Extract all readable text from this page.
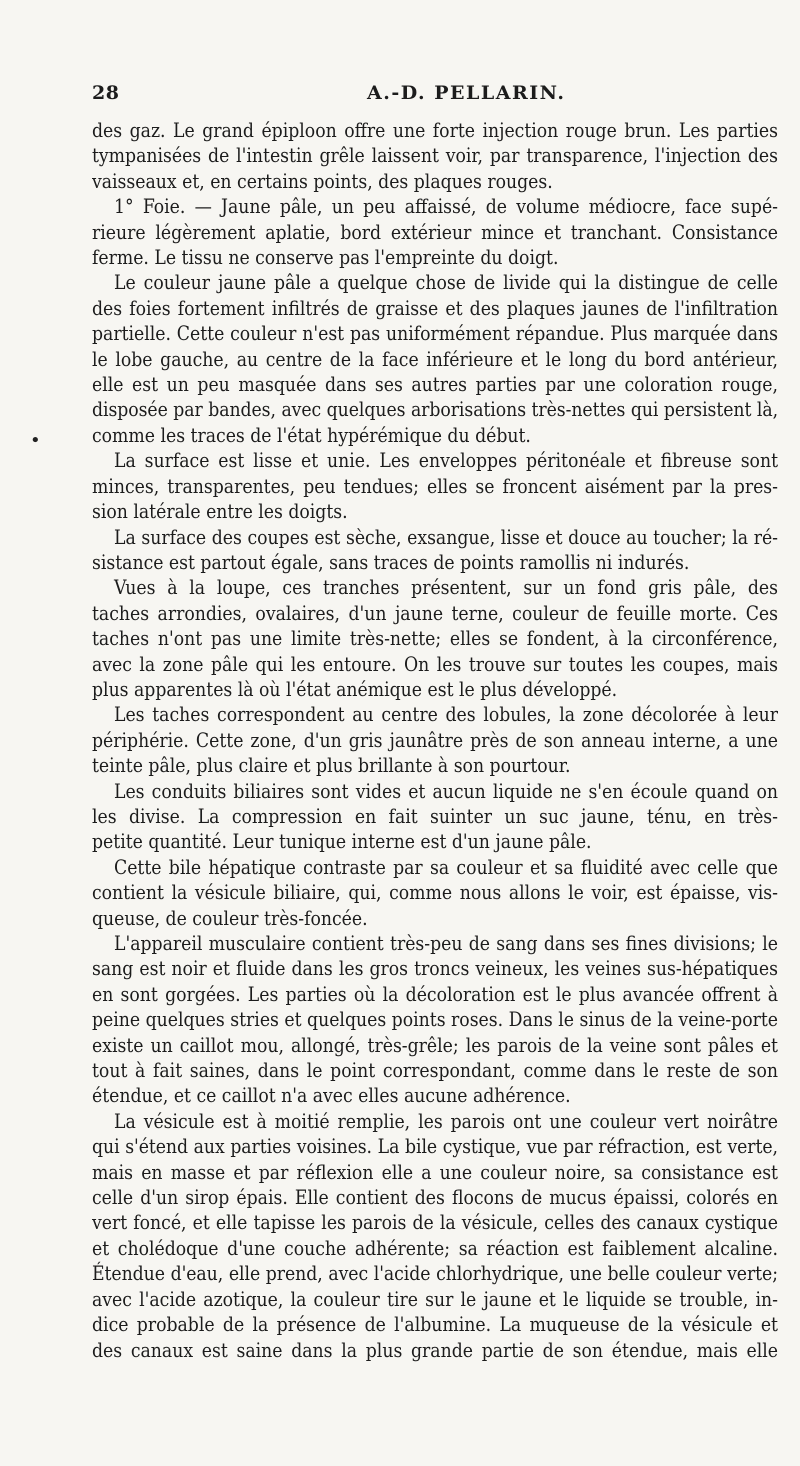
28	A.-D. PELLARIN.
•
des gaz. Le grand épiploon offre une forte injection rouge brun. Les parties
tympanisées de l'intestin grêle laissent voir, par transparence, l'injection des
vaisseaux et, en certains points, des plaques rouges.
1° Foie. — Jaune pâle, un peu affaissé, de volume médiocre, face supé-
rieure légèrement aplatie, bord extérieur mince et tranchant. Consistance
ferme. Le tissu ne conserve pas l'empreinte du doigt.
Le couleur jaune pâle a quelque chose de livide qui la distingue de celle
des foies fortement infiltrés de graisse et des plaques jaunes de l'infiltration
partielle. Cette couleur n'est pas uniformément répandue. Plus marquée dans
le lobe gauche, au centre de la face inférieure et le long du bord antérieur,
elle est un peu masquée dans ses autres parties par une coloration rouge,
disposée par bandes, avec quelques arborisations très-nettes qui persistent là,
comme les traces de l'état hypérémique du début.
La surface est lisse et unie. Les enveloppes péritonéale et fibreuse sont
minces, transparentes, peu tendues; elles se froncent aisément par la pres-
sion latérale entre les doigts.
La surface des coupes est sèche, exsangue, lisse et douce au toucher; la ré-
sistance est partout égale, sans traces de points ramollis ni indurés.
Vues à la loupe, ces tranches présentent, sur un fond gris pâle, des
taches arrondies, ovalaires, d'un jaune terne, couleur de feuille morte. Ces
taches n'ont pas une limite très-nette; elles se fondent, à la circonférence,
avec la zone pâle qui les entoure. On les trouve sur toutes les coupes, mais
plus apparentes là où l'état anémique est le plus développé.
Les taches correspondent au centre des lobules, la zone décolorée à leur
périphérie. Cette zone, d'un gris jaunâtre près de son anneau interne, a une
teinte pâle, plus claire et plus brillante à son pourtour.
Les conduits biliaires sont vides et aucun liquide ne s'en écoule quand on
les divise. La compression en fait suinter un suc jaune, ténu, en très-
petite quantité. Leur tunique interne est d'un jaune pâle.
Cette bile hépatique contraste par sa couleur et sa fluidité avec celle que
contient la vésicule biliaire, qui, comme nous allons le voir, est épaisse, vis-
queuse, de couleur très-foncée.
L'appareil musculaire contient très-peu de sang dans ses fines divisions; le
sang est noir et fluide dans les gros troncs veineux, les veines sus-hépatiques
en sont gorgées. Les parties où la décoloration est le plus avancée offrent à
peine quelques stries et quelques points roses. Dans le sinus de la veine-porte
existe un caillot mou, allongé, très-grêle; les parois de la veine sont pâles et
tout à fait saines, dans le point correspondant, comme dans le reste de son
étendue, et ce caillot n'a avec elles aucune adhérence.
La vésicule est à moitié remplie, les parois ont une couleur vert noirâtre
qui s'étend aux parties voisines. La bile cystique, vue par réfraction, est verte,
mais en masse et par réflexion elle a une couleur noire, sa consistance est
celle d'un sirop épais. Elle contient des flocons de mucus épaissi, colorés en
vert foncé, et elle tapisse les parois de la vésicule, celles des canaux cystique
et cholédoque d'une couche adhérente; sa réaction est faiblement alcaline.
Étendue d'eau, elle prend, avec l'acide chlorhydrique, une belle couleur verte;
avec l'acide azotique, la couleur tire sur le jaune et le liquide se trouble, in-
dice probable de la présence de l'albumine. La muqueuse de la vésicule et
des canaux est saine dans la plus grande partie de son étendue, mais elle
